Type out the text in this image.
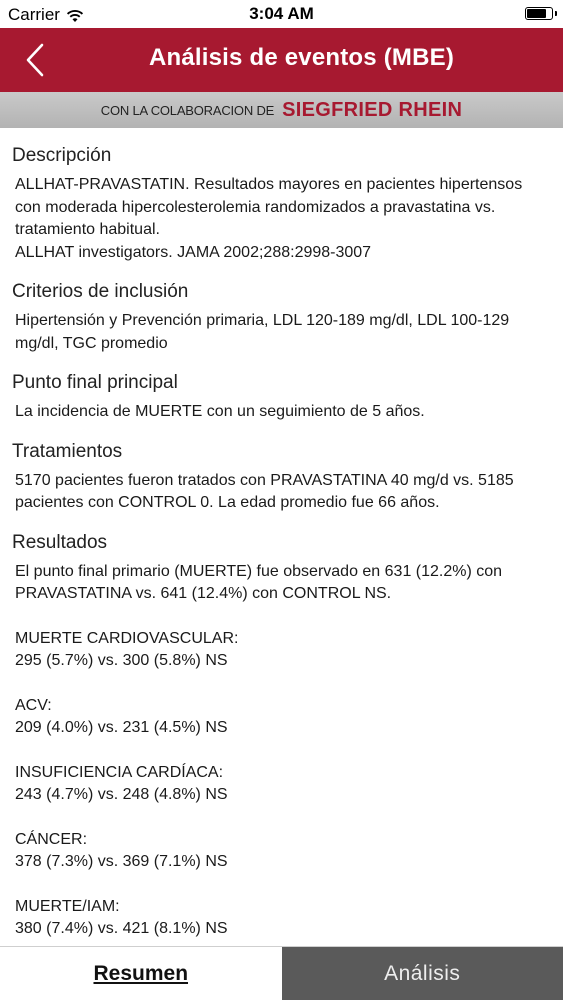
Carrier	3:04 AM
Análisis de eventos (MBE)
CON LA COLABORACION DE SIEGFRIED RHEIN
Descripción

ALLHAT-PRAVASTATIN. Resultados mayores en pacientes hipertensos con moderada hipercolesterolemia randomizados a pravastatina vs. tratamiento habitual.

ALLHAT investigators. JAMA 2002;288:2998-3007

Criterios de inclusión

Hipertensión y Prevención primaria, LDL 120-189 mg/dl, LDL 100-129 mg/dl, TGC promedio

Punto final principal

La incidencia de MUERTE con un seguimiento de 5 años.

Tratamientos

5170 pacientes fueron tratados con PRAVASTATINA 40 mg/d vs. 5185 pacientes con CONTROL 0. La edad promedio fue 66 años.

Resultados

El punto final primario (MUERTE) fue observado en 631 (12.2%) con PRAVASTATINA vs. 641 (12.4%) con CONTROL NS.

MUERTE CARDIOVASCULAR:
295 (5.7%) vs. 300 (5.8%) NS
ACV:
209 (4.0%) vs. 231 (4.5%) NS
INSUFICIENCIA CARDÍACA:
243 (4.7%) vs. 248 (4.8%) NS
CÁNCER:
378 (7.3%) vs. 369 (7.1%) NS
MUERTE/IAM:
380 (7.4%) vs. 421 (8.1%) NS
Resumen	Análisis
